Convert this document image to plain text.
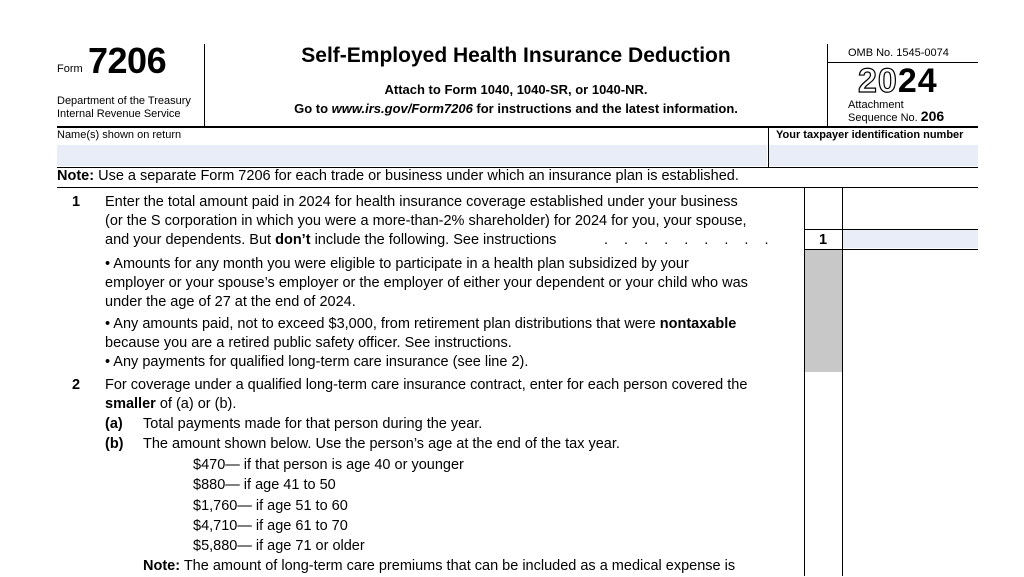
Form 7206
Department of the Treasury
Internal Revenue Service
Self-Employed Health Insurance Deduction
Attach to Form 1040, 1040-SR, or 1040-NR.
Go to www.irs.gov/Form7206 for instructions and the latest information.
OMB No. 1545-0074
2024
Attachment
Sequence No. 206
Name(s) shown on return	Your taxpayer identification number
Note: Use a separate Form 7206 for each trade or business under which an insurance plan is established.
1 Enter the total amount paid in 2024 for health insurance coverage established under your business
(or the S corporation in which you were a more-than-2% shareholder) for 2024 for you, your spouse,
and your dependents. But don’t include the following. See instructions	. . . . . . . . .	1
• Amounts for any month you were eligible to participate in a health plan subsidized by your
employer or your spouse’s employer or the employer of either your dependent or your child who was
under the age of 27 at the end of 2024.
• Any amounts paid, not to exceed $3,000, from retirement plan distributions that were nontaxable
because you are a retired public safety officer. See instructions.
• Any payments for qualified long-term care insurance (see line 2).
2 For coverage under a qualified long-term care insurance contract, enter for each person covered the
smaller of (a) or (b).
(a) Total payments made for that person during the year.
(b) The amount shown below. Use the person’s age at the end of the tax year.
$470— if that person is age 40 or younger
$880— if age 41 to 50
$1,760— if age 51 to 60
$4,710— if age 61 to 70
$5,880— if age 71 or older
Note: The amount of long-term care premiums that can be included as a medical expense is
